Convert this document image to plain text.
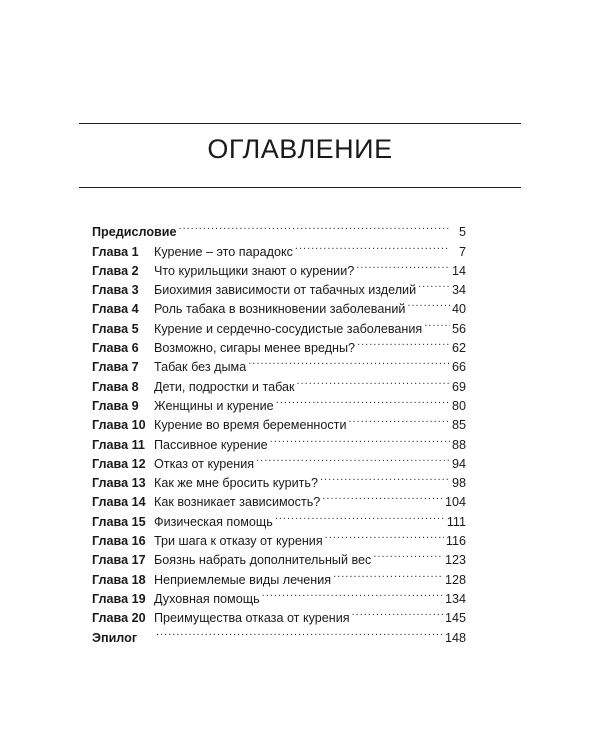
ОГЛАВЛЕНИЕ
Предисловие .....	5
Глава 1	Курение – это парадокс .....	7
Глава 2	Что курильщики знают о курении? .....	14
Глава 3	Биохимия зависимости от табачных изделий .....	34
Глава 4	Роль табака в возникновении заболеваний .....	40
Глава 5	Курение и сердечно-сосудистые заболевания ..... 56
Глава 6	Возможно, сигары менее вредны? .....	62
Глава 7	Табак без дыма .....	66
Глава 8	Дети, подростки и табак .....	69
Глава 9	Женщины и курение .....	80
Глава 10 Курение во время беременности .....	85
Глава 11 Пассивное курение .....	88
Глава 12 Отказ от курения .....	94
Глава 13 Как же мне бросить курить? .....	98
Глава 14 Как возникает зависимость? .....	104
Глава 15 Физическая помощь .....	111
Глава 16 Три шага к отказу от курения .....	116
Глава 17 Боязнь набрать дополнительный вес .....	123
Глава 18 Неприемлемые виды лечения .....	128
Глава 19 Духовная помощь .....	134
Глава 20 Преимущества отказа от курения .....	145
Эпилог .....	148
